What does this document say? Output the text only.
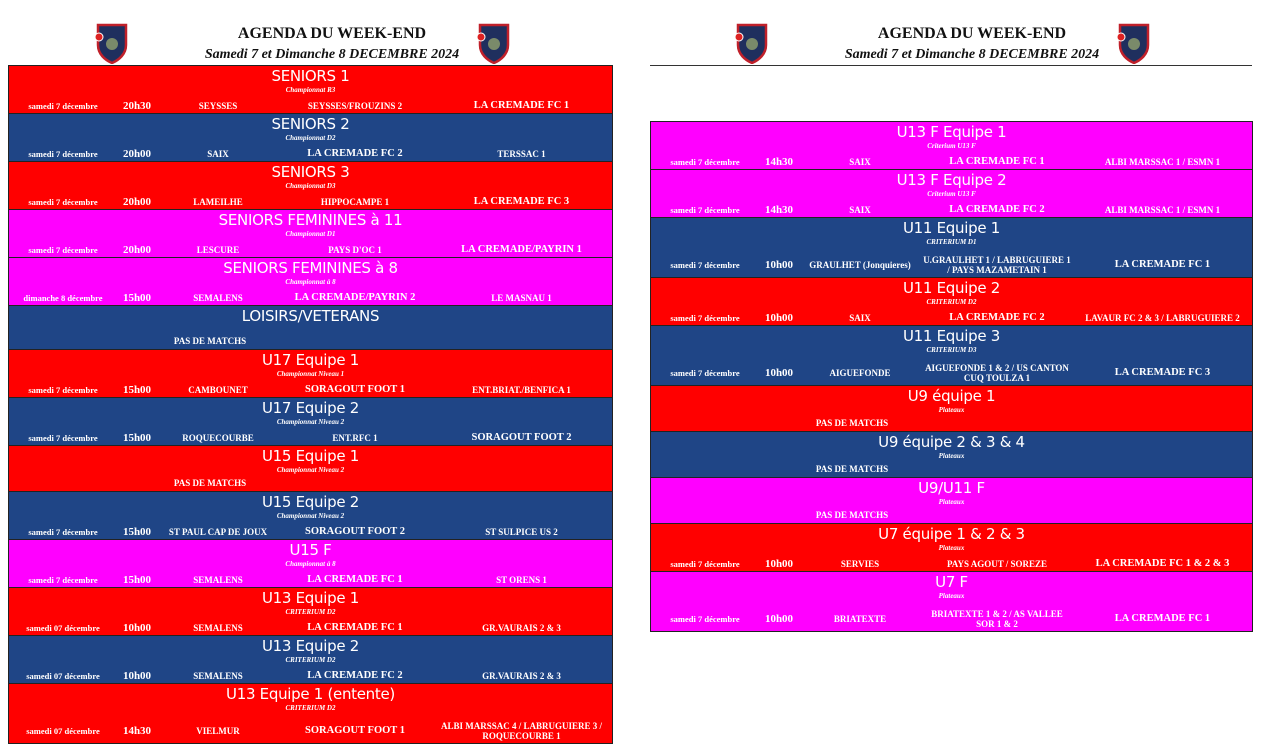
AGENDA DU WEEK-END
Samedi 7 et Dimanche 8 DECEMBRE 2024
SENIORS 1
Championnat R3
samedi 7 décembre	20h30	SEYSSES	SEYSSES/FROUZINS 2	LA CREMADE FC 1
SENIORS 2
Championnat D2
samedi 7 décembre	20h00	SAIX	LA CREMADE FC 2	TERSSAC 1
SENIORS 3
Championnat D3
samedi 7 décembre	20h00	LAMEILHE	HIPPOCAMPE 1	LA CREMADE FC 3
SENIORS FEMININES à 11
Championnat D1
samedi 7 décembre	20h00	LESCURE	PAYS D'OC 1	LA CREMADE/PAYRIN 1
SENIORS FEMININES à 8
Championnat à 8
dimanche 8 décembre	15h00	SEMALENS	LA CREMADE/PAYRIN 2	LE MASNAU 1
LOISIRS/VETERANS
PAS DE MATCHS
U17 Equipe 1
Championnat Niveau 1
samedi 7 décembre	15h00	CAMBOUNET	SORAGOUT FOOT 1	ENT.BRIAT./BENFICA 1
U17 Equipe 2
Championnat Niveau 2
samedi 7 décembre	15h00	ROQUECOURBE	ENT.RFC 1	SORAGOUT FOOT 2
U15 Equipe 1
Championnat Niveau 2
PAS DE MATCHS
U15 Equipe 2
Championnat Niveau 2
samedi 7 décembre	15h00	ST PAUL CAP DE JOUX	SORAGOUT FOOT 2	ST SULPICE US 2
U15 F
Championnat à 8
samedi 7 décembre	15h00	SEMALENS	LA CREMADE FC 1	ST ORENS 1
U13 Equipe 1
CRITERIUM D2
samedi 07 décembre	10h00	SEMALENS	LA CREMADE FC 1	GR.VAURAIS 2 & 3
U13 Equipe 2
CRITERIUM D2
samedi 07 décembre	10h00	SEMALENS	LA CREMADE FC 2	GR.VAURAIS 2 & 3
U13 Equipe 1 (entente)
CRITERIUM D2
samedi 07 décembre	14h30	VIELMUR	SORAGOUT FOOT 1	ALBI MARSSAC 4 / LABRUGUIERE 3 / ROQUECOURBE 1
AGENDA DU WEEK-END
Samedi 7 et Dimanche 8 DECEMBRE 2024
U13 F Equipe 1
Criterium U13 F
samedi 7 décembre	14h30	SAIX	LA CREMADE FC 1	ALBI MARSSAC 1 / ESMN 1
U13 F Equipe 2
Criterium U13 F
samedi 7 décembre	14h30	SAIX	LA CREMADE FC 2	ALBI MARSSAC 1 / ESMN 1
U11 Equipe 1
CRITERIUM D1
samedi 7 décembre	10h00	GRAULHET (Jonquieres)	U.GRAULHET 1 / LABRUGUIERE 1 / PAYS MAZAMETAIN 1	LA CREMADE FC 1
U11 Equipe 2
CRITERIUM D2
samedi 7 décembre	10h00	SAIX	LA CREMADE FC 2	LAVAUR FC 2 & 3 / LABRUGUIERE 2
U11 Equipe 3
CRITERIUM D3
samedi 7 décembre	10h00	AIGUEFONDE	AIGUEFONDE 1 & 2 / US CANTON CUQ TOULZA 1	LA CREMADE FC 3
U9 équipe 1
Plateaux
PAS DE MATCHS
U9 équipe 2 & 3 & 4
Plateaux
PAS DE MATCHS
U9/U11 F
Plateaux
PAS DE MATCHS
U7 équipe 1 & 2 & 3
Plateaux
samedi 7 décembre	10h00	SERVIES	PAYS AGOUT / SOREZE	LA CREMADE FC 1 & 2 & 3
U7 F
Plateaux
samedi 7 décembre	10h00	BRIATEXTE	BRIATEXTE 1 & 2 / AS VALLEE SOR 1 & 2	LA CREMADE FC 1
